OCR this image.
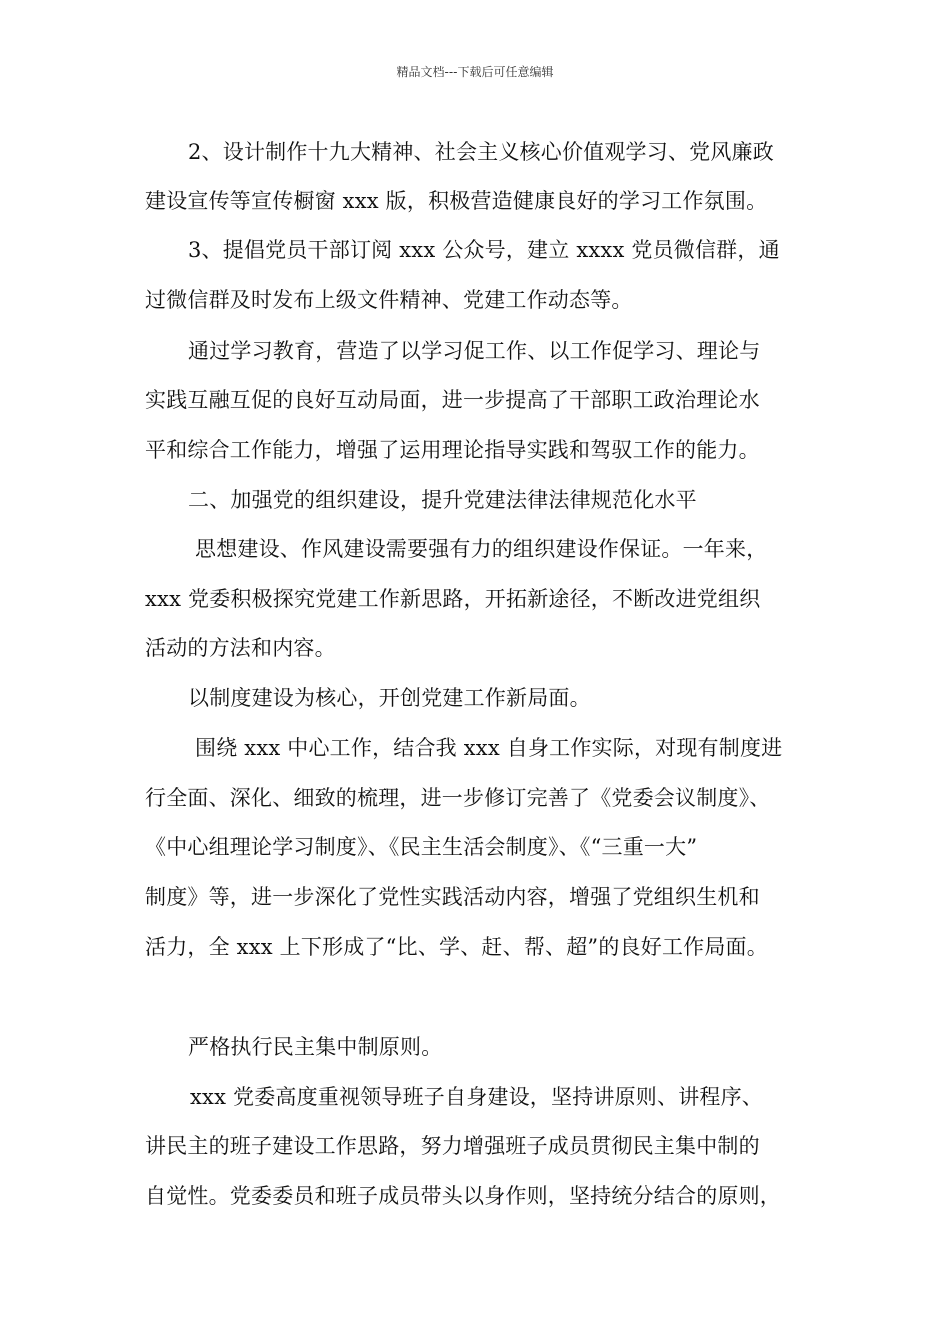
精品文档---下载后可任意编辑
2、设计制作十九大精神、社会主义核心价值观学习、党风廉政
建设宣传等宣传橱窗 xxx 版，积极营造健康良好的学习工作氛围。
3、提倡党员干部订阅 xxx 公众号，建立 xxxx 党员微信群，通
过微信群及时发布上级文件精神、党建工作动态等。
通过学习教育，营造了以学习促工作、以工作促学习、理论与
实践互融互促的良好互动局面，进一步提高了干部职工政治理论水
平和综合工作能力，增强了运用理论指导实践和驾驭工作的能力。
二、加强党的组织建设，提升党建法律法律规范化水平
思想建设、作风建设需要强有力的组织建设作保证。一年来，
xxx 党委积极探究党建工作新思路，开拓新途径，不断改进党组织
活动的方法和内容。
以制度建设为核心，开创党建工作新局面。
围绕 xxx 中心工作，结合我 xxx 自身工作实际，对现有制度进
行全面、深化、细致的梳理，进一步修订完善了《党委会议制度》、
《中心组理论学习制度》、《民主生活会制度》、《“三重一大”
制度》等，进一步深化了党性实践活动内容，增强了党组织生机和
活力，全 xxx 上下形成了“比、学、赶、帮、超”的良好工作局面。
严格执行民主集中制原则。
xxx 党委高度重视领导班子自身建设，坚持讲原则、讲程序、
讲民主的班子建设工作思路，努力增强班子成员贯彻民主集中制的
自觉性。党委委员和班子成员带头以身作则，坚持统分结合的原则，
